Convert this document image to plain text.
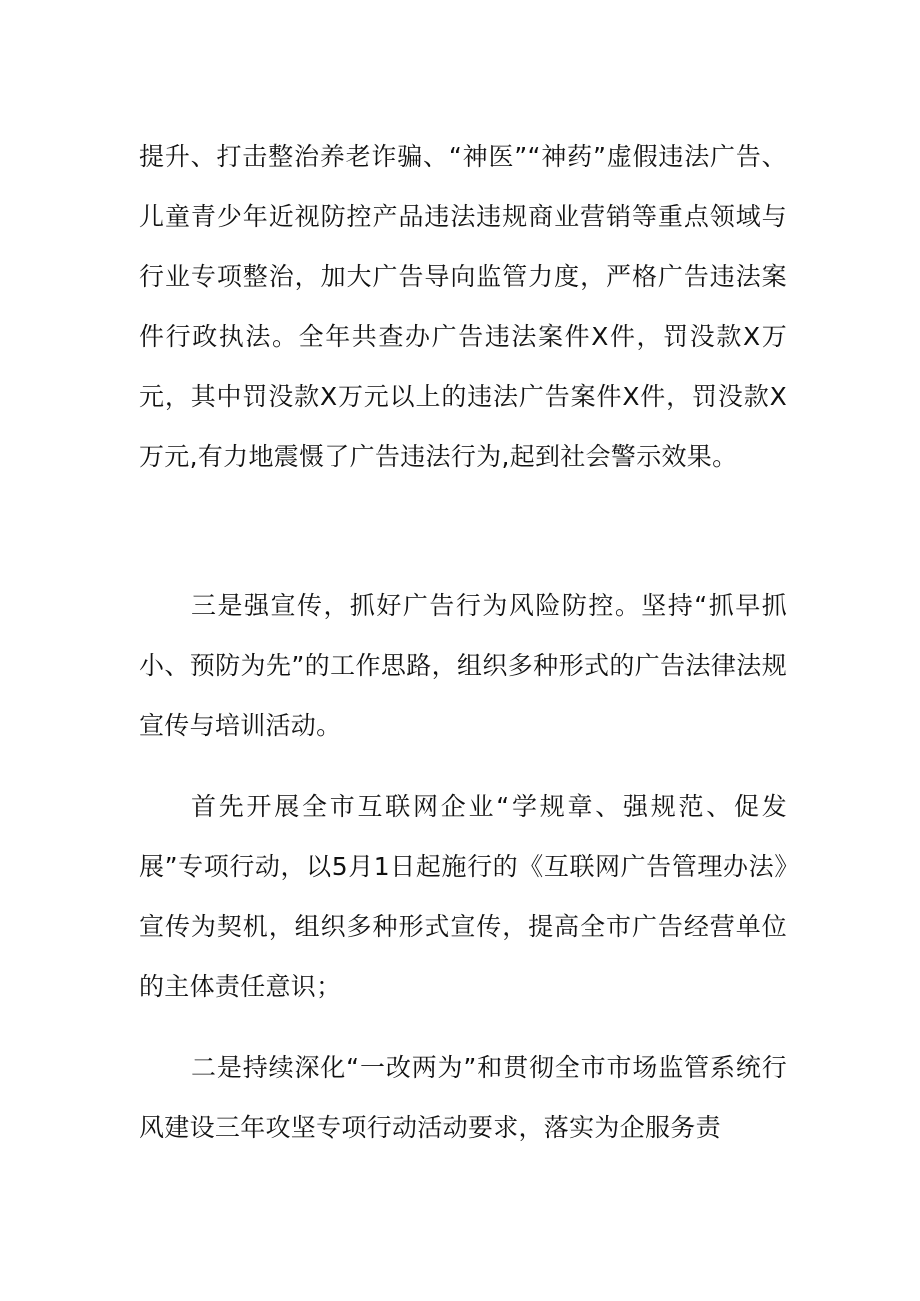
提升、打击整治养老诈骗、“神医”“神药”虚假违法广告、儿童青少年近视防控产品违法违规商业营销等重点领域与行业专项整治，加大广告导向监管力度，严格广告违法案件行政执法。全年共查办广告违法案件X件，罚没款X万元，其中罚没款X万元以上的违法广告案件X件，罚没款X万元,有力地震慑了广告违法行为,起到社会警示效果。

三是强宣传，抓好广告行为风险防控。坚持“抓早抓小、预防为先”的工作思路，组织多种形式的广告法律法规宣传与培训活动。

首先开展全市互联网企业“学规章、强规范、促发展”专项行动，以5月1日起施行的《互联网广告管理办法》宣传为契机，组织多种形式宣传，提高全市广告经营单位的主体责任意识；

二是持续深化“一改两为”和贯彻全市市场监管系统行风建设三年攻坚专项行动活动要求，落实为企服务责
